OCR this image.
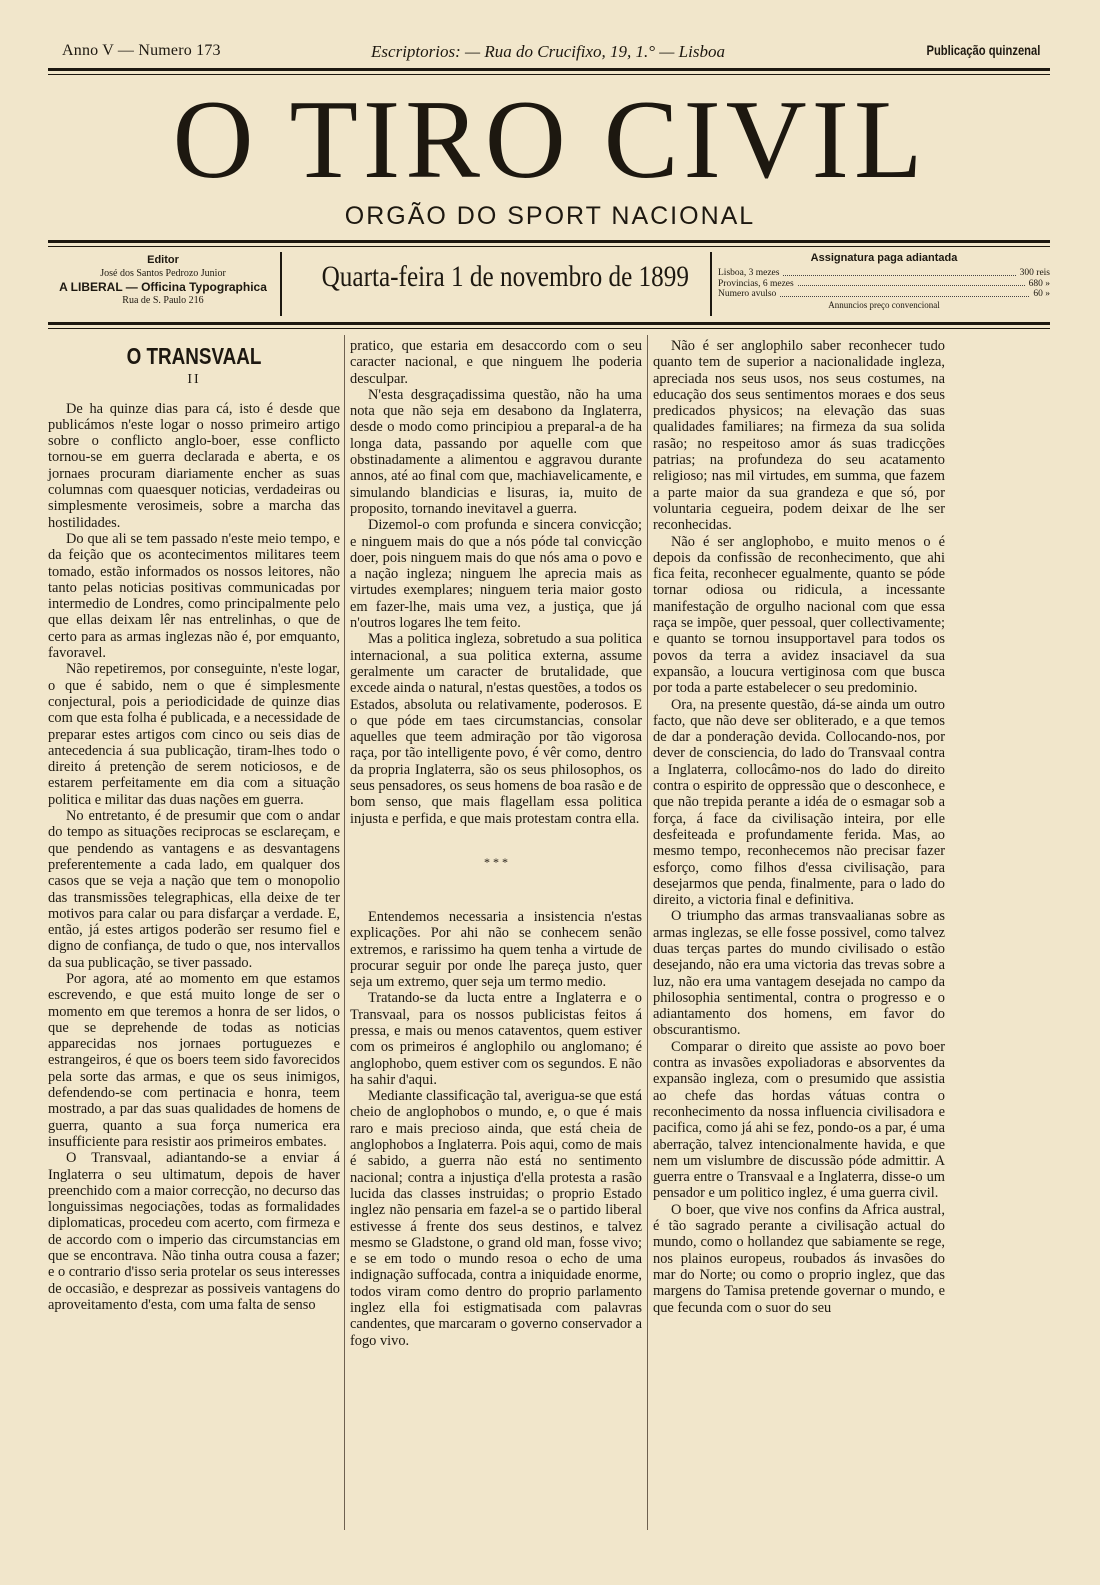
Anno V — Numero 173	Escriptorios: — Rua do Crucifixo, 19, 1.° — Lisboa	Publicação quinzenal
O TIRO CIVIL
ORGÃO DO SPORT NACIONAL
Editor
José dos Santos Pedrozo Junior
A LIBERAL — Officina Typographica
Rua de S. Paulo 216
Quarta-feira 1 de novembro de 1899
Assignatura paga adiantada
Lisboa, 3 mezes	300 reis
Provincias, 6 mezes	680 »
Numero avulso	60 »
Annuncios preço convencional
O TRANSVAAL
II

De ha quinze dias para cá, isto é desde que publicámos n'este logar o nosso primeiro artigo sobre o conflicto anglo-boer, esse conflicto tornou-se em guerra declarada e aberta, e os jornaes procuram diariamente encher as suas columnas com quaesquer noticias, verdadeiras ou simplesmente verosimeis, sobre a marcha das hostilidades.

Do que ali se tem passado n'este meio tempo, e da feição que os acontecimentos militares teem tomado, estão informados os nossos leitores, não tanto pelas noticias positivas communicadas por intermedio de Londres, como principalmente pelo que ellas deixam lêr nas entrelinhas, o que de certo para as armas inglezas não é, por emquanto, favoravel.

Não repetiremos, por conseguinte, n'este logar, o que é sabido, nem o que é simplesmente conjectural, pois a periodicidade de quinze dias com que esta folha é publicada, e a necessidade de preparar estes artigos com cinco ou seis dias de antecedencia á sua publicação, tiram-lhes todo o direito á pretenção de serem noticiosos, e de estarem perfeitamente em dia com a situação politica e militar das duas nações em guerra.

No entretanto, é de presumir que com o andar do tempo as situações reciprocas se esclareçam, e que pendendo as vantagens e as desvantagens preferentemente a cada lado, em qualquer dos casos que se veja a nação que tem o monopolio das transmissões telegraphicas, ella deixe de ter motivos para calar ou para disfarçar a verdade. E, então, já estes artigos poderão ser resumo fiel e digno de confiança, de tudo o que, nos intervallos da sua publicação, se tiver passado.

Por agora, até ao momento em que estamos escrevendo, e que está muito longe de ser o momento em que teremos a honra de ser lidos, o que se deprehende de todas as noticias apparecidas nos jornaes portuguezes e estrangeiros, é que os boers teem sido favorecidos pela sorte das armas, e que os seus inimigos, defendendo-se com pertinacia e honra, teem mostrado, a par das suas qualidades de homens de guerra, quanto a sua força numerica era insufficiente para resistir aos primeiros embates.

O Transvaal, adiantando-se a enviar á Inglaterra o seu ultimatum, depois de haver preenchido com a maior correcção, no decurso das longuissimas negociações, todas as formalidades diplomaticas, procedeu com acerto, com firmeza e de accordo com o imperio das circumstancias em que se encontrava. Não tinha outra cousa a fazer; e o contrario d'isso seria protelar os seus interesses de occasião, e desprezar as possiveis vantagens do aproveitamento d'esta, com uma falta de senso

pratico, que estaria em desaccordo com o seu caracter nacional, e que ninguem lhe poderia desculpar.

N'esta desgraçadissima questão, não ha uma nota que não seja em desabono da Inglaterra, desde o modo como principiou a preparal-a de ha longa data, passando por aquelle com que obstinadamente a alimentou e aggravou durante annos, até ao final com que, machiavelicamente, e simulando blandicias e lisuras, ia, muito de proposito, tornando inevitavel a guerra.

Dizemol-o com profunda e sincera convicção; e ninguem mais do que a nós póde tal convicção doer, pois ninguem mais do que nós ama o povo e a nação ingleza; ninguem lhe aprecia mais as virtudes exemplares; ninguem teria maior gosto em fazer-lhe, mais uma vez, a justiça, que já n'outros logares lhe tem feito.

Mas a politica ingleza, sobretudo a sua politica internacional, a sua politica externa, assume geralmente um caracter de brutalidade, que excede ainda o natural, n'estas questões, a todos os Estados, absoluta ou relativamente, poderosos. E o que póde em taes circumstancias, consolar aquelles que teem admiração por tão vigorosa raça, por tão intelligente povo, é vêr como, dentro da propria Inglaterra, são os seus philosophos, os seus pensadores, os seus homens de boa rasão e de bom senso, que mais flagellam essa politica injusta e perfida, e que mais protestam contra ella.

* * *

Entendemos necessaria a insistencia n'estas explicações. Por ahi não se conhecem senão extremos, e rarissimo ha quem tenha a virtude de procurar seguir por onde lhe pareça justo, quer seja um extremo, quer seja um termo medio.

Tratando-se da lucta entre a Inglaterra e o Transvaal, para os nossos publicistas feitos á pressa, e mais ou menos cataventos, quem estiver com os primeiros é anglophilo ou anglomano; é anglophobo, quem estiver com os segundos. E não ha sahir d'aqui.

Mediante classificação tal, averigua-se que está cheio de anglophobos o mundo, e, o que é mais raro e mais precioso ainda, que está cheia de anglophobos a Inglaterra. Pois aqui, como de mais é sabido, a guerra não está no sentimento nacional; contra a injustiça d'ella protesta a rasão lucida das classes instruidas; o proprio Estado inglez não pensaria em fazel-a se o partido liberal estivesse á frente dos seus destinos, e talvez mesmo se Gladstone, o grand old man, fosse vivo; e se em todo o mundo resoa o echo de uma indignação suffocada, contra a iniquidade enorme, todos viram como dentro do proprio parlamento inglez ella foi estigmatisada com palavras candentes, que marcaram o governo conservador a fogo vivo.

Não é ser anglophilo saber reconhecer tudo quanto tem de superior a nacionalidade ingleza, apreciada nos seus usos, nos seus costumes, na educação dos seus sentimentos moraes e dos seus predicados physicos; na elevação das suas qualidades familiares; na firmeza da sua solida rasão; no respeitoso amor ás suas tradicções patrias; na profundeza do seu acatamento religioso; nas mil virtudes, em summa, que fazem a parte maior da sua grandeza e que só, por voluntaria cegueira, podem deixar de lhe ser reconhecidas.

Não é ser anglophobo, e muito menos o é depois da confissão de reconhecimento, que ahi fica feita, reconhecer egualmente, quanto se póde tornar odiosa ou ridicula, a incessante manifestação de orgulho nacional com que essa raça se impõe, quer pessoal, quer collectivamente; e quanto se tornou insupportavel para todos os povos da terra a avidez insaciavel da sua expansão, a loucura vertiginosa com que busca por toda a parte estabelecer o seu predominio.

Ora, na presente questão, dá-se ainda um outro facto, que não deve ser obliterado, e a que temos de dar a ponderação devida. Collocando-nos, por dever de consciencia, do lado do Transvaal contra a Inglaterra, collocâmo-nos do lado do direito contra o espirito de oppressão que o desconhece, e que não trepida perante a idéa de o esmagar sob a força, á face da civilisação inteira, por elle desfeiteada e profundamente ferida. Mas, ao mesmo tempo, reconhecemos não precisar fazer esforço, como filhos d'essa civilisação, para desejarmos que penda, finalmente, para o lado do direito, a victoria final e definitiva.

O triumpho das armas transvaalianas sobre as armas inglezas, se elle fosse possivel, como talvez duas terças partes do mundo civilisado o estão desejando, não era uma victoria das trevas sobre a luz, não era uma vantagem desejada no campo da philosophia sentimental, contra o progresso e o adiantamento dos homens, em favor do obscurantismo.

Comparar o direito que assiste ao povo boer contra as invasões expoliadoras e absorventes da expansão ingleza, com o presumido que assistia ao chefe das hordas vátuas contra o reconhecimento da nossa influencia civilisadora e pacifica, como já ahi se fez, pondo-os a par, é uma aberração, talvez intencionalmente havida, e que nem um vislumbre de discussão póde admittir. A guerra entre o Transvaal e a Inglaterra, disse-o um pensador e um politico inglez, é uma guerra civil.

O boer, que vive nos confins da Africa austral, é tão sagrado perante a civilisação actual do mundo, como o hollandez que sabiamente se rege, nos plainos europeus, roubados ás invasões do mar do Norte; ou como o proprio inglez, que das margens do Tamisa pretende governar o mundo, e que fecunda com o suor do seu
